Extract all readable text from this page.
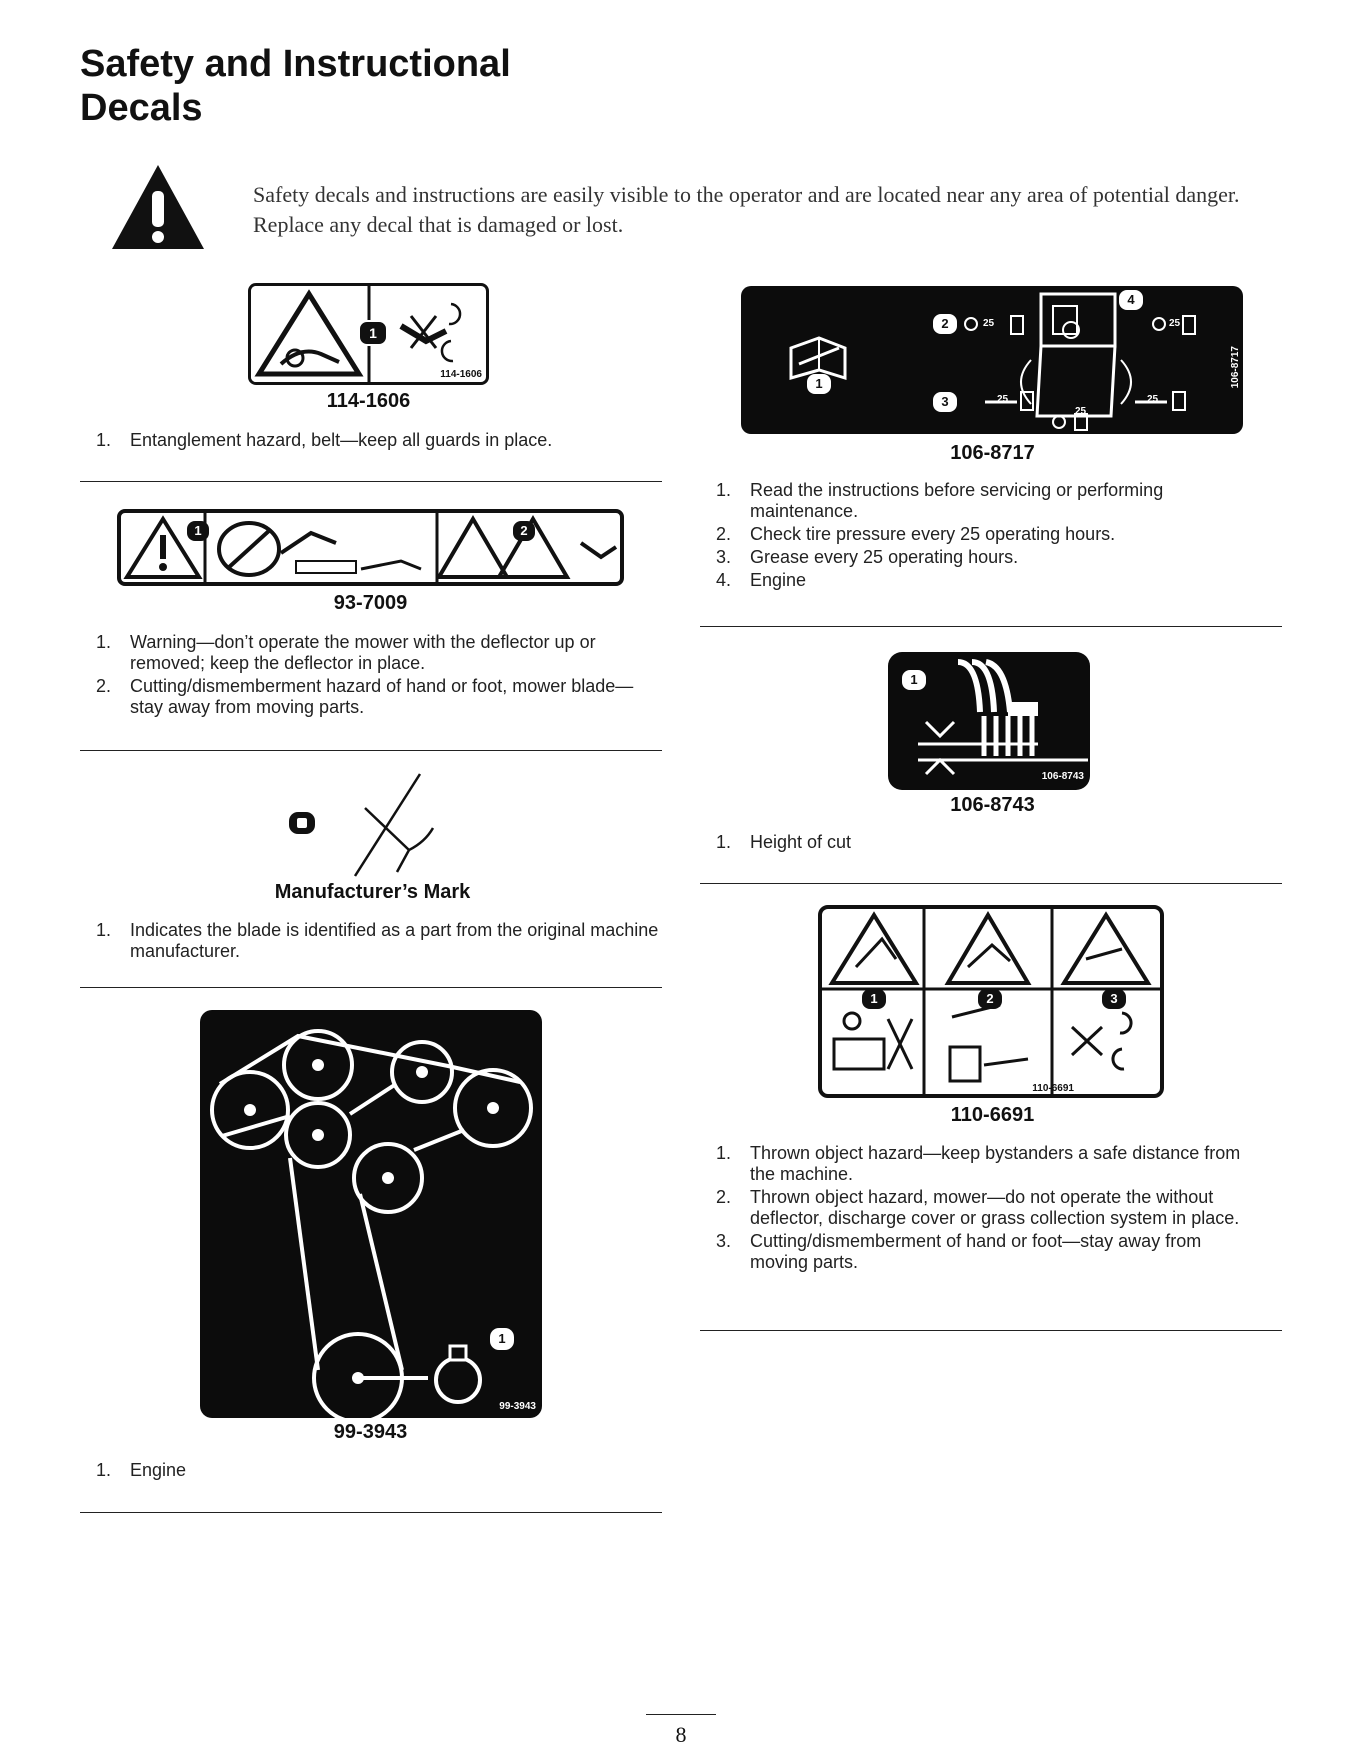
Safety and Instructional
Decals
Safety decals and instructions are easily visible to the operator and are located near any area of potential danger. Replace any decal that is damaged or lost.
1
114-1606
114-1606
1. Entanglement hazard, belt—keep all guards in place.
1	2
93-7009
1. Warning—don’t operate the mower with the deflector up or removed; keep the deflector in place.
2. Cutting/dismemberment hazard of hand or foot, mower blade—stay away from moving parts.
Manufacturer’s Mark
1. Indicates the blade is identified as a part from the original machine manufacturer.
1
99-3943
99-3943
1. Engine
1
2
3
4
25	25
25	25
25
106-8717
106-8717
1. Read the instructions before servicing or performing maintenance.
2. Check tire pressure every 25 operating hours.
3. Grease every 25 operating hours.
4. Engine
1
106-8743
106-8743
1. Height of cut
1	2	3
110-6691
110-6691
1. Thrown object hazard—keep bystanders a safe distance from the machine.
2. Thrown object hazard, mower—do not operate the without deflector, discharge cover or grass collection system in place.
3. Cutting/dismemberment of hand or foot—stay away from moving parts.
8
